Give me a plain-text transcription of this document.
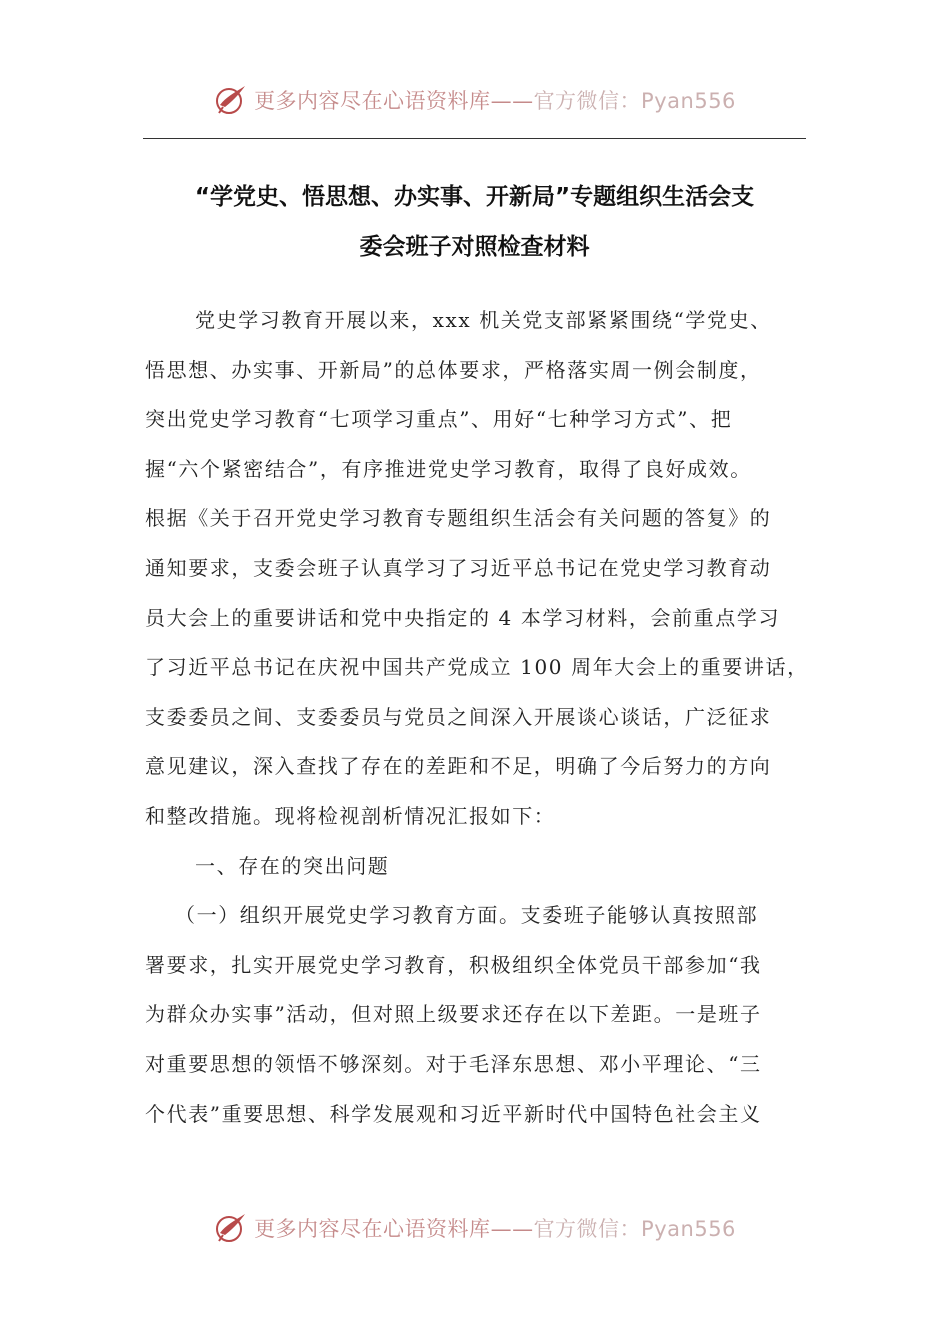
更多内容尽在心语资料库——官方微信：Pyan556
“学党史、悟思想、办实事、开新局”专题组织生活会支
委会班子对照检查材料
党史学习教育开展以来，xxx 机关党支部紧紧围绕“学党史、
悟思想、办实事、开新局”的总体要求，严格落实周一例会制度，
突出党史学习教育“七项学习重点”、用好“七种学习方式”、把
握“六个紧密结合”，有序推进党史学习教育，取得了良好成效。
根据《关于召开党史学习教育专题组织生活会有关问题的答复》的
通知要求，支委会班子认真学习了习近平总书记在党史学习教育动
员大会上的重要讲话和党中央指定的 4 本学习材料，会前重点学习
了习近平总书记在庆祝中国共产党成立 100 周年大会上的重要讲话，
支委委员之间、支委委员与党员之间深入开展谈心谈话，广泛征求
意见建议，深入查找了存在的差距和不足，明确了今后努力的方向
和整改措施。现将检视剖析情况汇报如下：
一、存在的突出问题
（一）组织开展党史学习教育方面。支委班子能够认真按照部
署要求，扎实开展党史学习教育，积极组织全体党员干部参加“我
为群众办实事”活动，但对照上级要求还存在以下差距。一是班子
对重要思想的领悟不够深刻。对于毛泽东思想、邓小平理论、“三
个代表”重要思想、科学发展观和习近平新时代中国特色社会主义
更多内容尽在心语资料库——官方微信：Pyan556
